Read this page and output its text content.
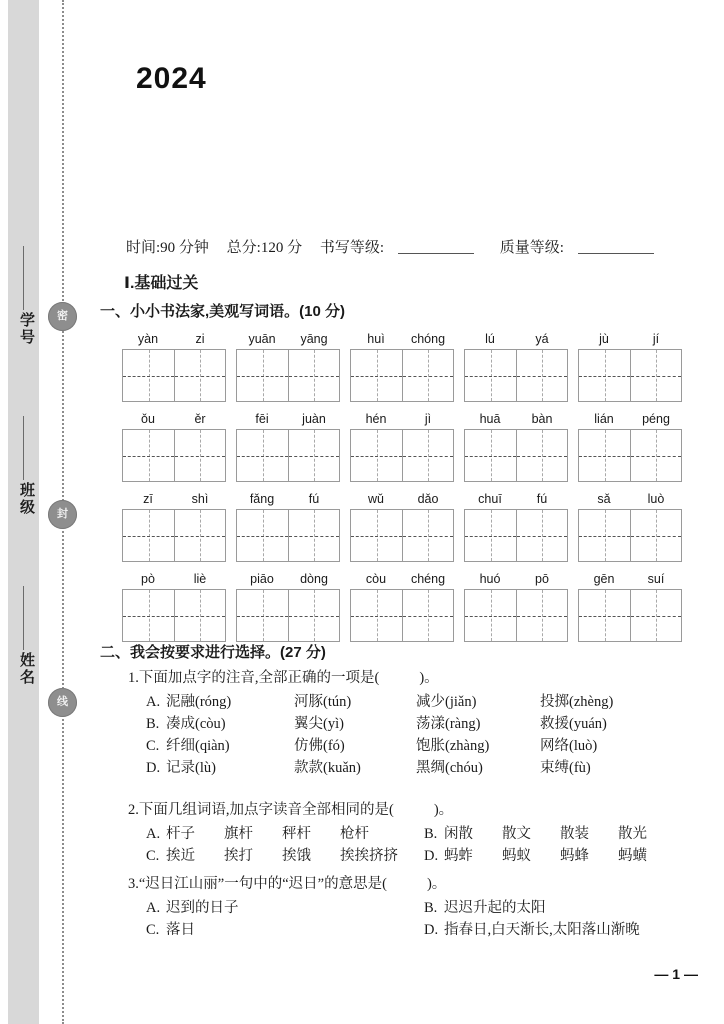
学号
班级
姓名
密
封
线
2024
时间:90 分钟 总分:120 分 书写等级:	质量等级:
Ⅰ.基础过关
一、小小书法家,美观写词语。(10 分)
yàn	zi	yuān	yāng	huì	chóng	lú	yá	jù	jí
ǒu	ěr	fēi	juàn	hén	jì	huā	bàn	lián	péng
zī	shì	fǎng	fú	wǔ	dǎo	chuī	fú	sǎ	luò
pò	liè	piāo	dòng	còu	chéng	huó	pō	gēn	suí
二、我会按要求进行选择。(27 分)
1.下面加点字的注音,全部正确的一项是(	)。
A. 泥融(róng)	河豚(tún)	减少(jiǎn)	投掷(zhèng)
B. 凑成(còu)	翼尖(yì)	荡漾(ràng)	救援(yuán)
C. 纤细(qiàn)	仿佛(fó)	饱胀(zhàng)	网络(luò)
D. 记录(lù)	款款(kuǎn)	黑绸(chóu)	束缚(fù)
2.下面几组词语,加点字读音全部相同的是(	)。
A. 杆子 旗杆 秤杆 枪杆	B. 闲散 散文 散装 散光
C. 挨近 挨打 挨饿 挨挨挤挤 D. 蚂蚱 蚂蚁 蚂蜂 蚂蟥
3.“迟日江山丽”一句中的“迟日”的意思是(	)。
A. 迟到的日子	B. 迟迟升起的太阳
C. 落日	D. 指春日,白天渐长,太阳落山渐晚
— 1 —
